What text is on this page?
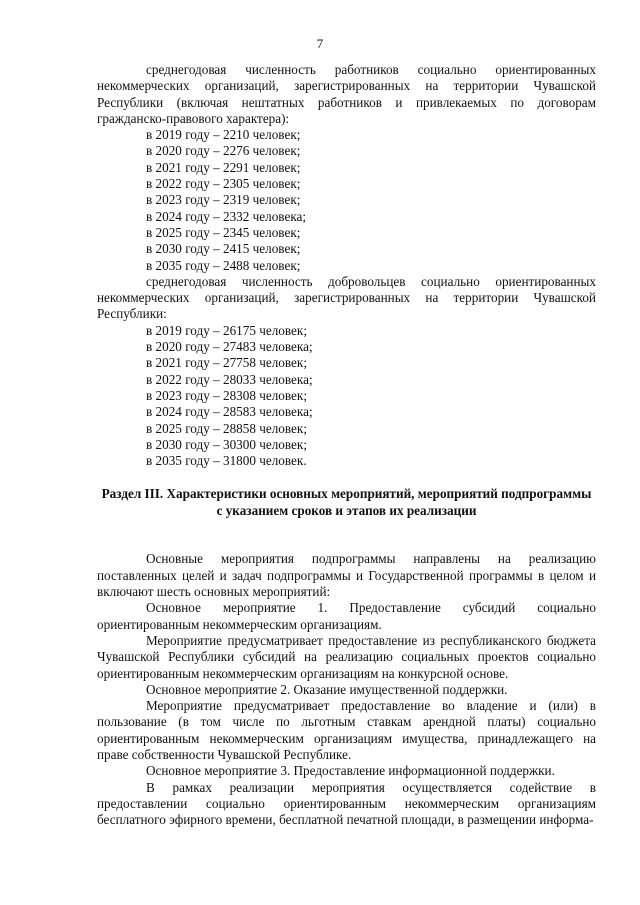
7

среднегодовая численность работников социально ориентированных некоммерческих организаций, зарегистрированных на территории Чувашской Республики (включая нештатных работников и привлекаемых по договорам гражданско-правового характера):

в 2019 году – 2210 человек;

в 2020 году – 2276 человек;

в 2021 году – 2291 человек;

в 2022 году – 2305 человек;

в 2023 году – 2319 человек;

в 2024 году – 2332 человека;

в 2025 году – 2345 человек;

в 2030 году – 2415 человек;

в 2035 году – 2488 человек;

среднегодовая численность добровольцев социально ориентированных некоммерческих организаций, зарегистрированных на территории Чувашской Республики:

в 2019 году – 26175 человек;

в 2020 году – 27483 человека;

в 2021 году – 27758 человек;

в 2022 году – 28033 человека;

в 2023 году – 28308 человек;

в 2024 году – 28583 человека;

в 2025 году – 28858 человек;

в 2030 году – 30300 человек;

в 2035 году – 31800 человек.

Раздел III. Характеристики основных мероприятий, мероприятий подпрограммы с указанием сроков и этапов их реализации

Основные мероприятия подпрограммы направлены на реализацию поставленных целей и задач подпрограммы и Государственной программы в целом и включают шесть основных мероприятий:

Основное мероприятие 1. Предоставление субсидий социально ориентированным некоммерческим организациям.

Мероприятие предусматривает предоставление из республиканского бюджета Чувашской Республики субсидий на реализацию социальных проектов социально ориентированным некоммерческим организациям на конкурсной основе.

Основное мероприятие 2. Оказание имущественной поддержки.

Мероприятие предусматривает предоставление во владение и (или) в пользование (в том числе по льготным ставкам арендной платы) социально ориентированным некоммерческим организациям имущества, принадлежащего на праве собственности Чувашской Республике.

Основное мероприятие 3. Предоставление информационной поддержки.

В рамках реализации мероприятия осуществляется содействие в предоставлении социально ориентированным некоммерческим организациям бесплатного эфирного времени, бесплатной печатной площади, в размещении информа-
